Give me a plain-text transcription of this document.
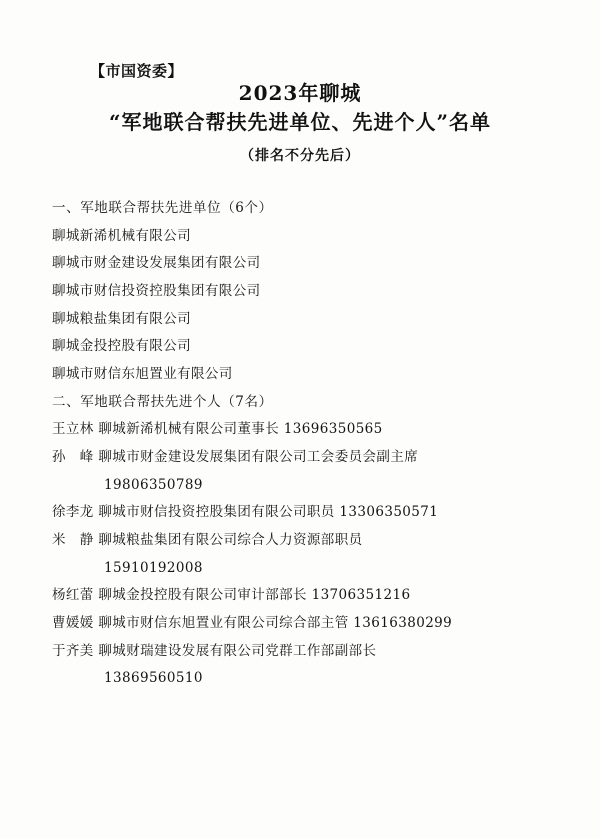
【市国资委】
2023年聊城
“军地联合帮扶先进单位、先进个人”名单
（排名不分先后）
一、军地联合帮扶先进单位（6个）
聊城新浠机械有限公司
聊城市财金建设发展集团有限公司
聊城市财信投资控股集团有限公司
聊城粮盐集团有限公司
聊城金投控股有限公司
聊城市财信东旭置业有限公司
二、军地联合帮扶先进个人（7名）
王立林 聊城新浠机械有限公司董事长 13696350565
孙　峰 聊城市财金建设发展集团有限公司工会委员会副主席
19806350789
徐李龙 聊城市财信投资控股集团有限公司职员 13306350571
米　静 聊城粮盐集团有限公司综合人力资源部职员
15910192008
杨红蕾 聊城金投控股有限公司审计部部长 13706351216
曹媛媛 聊城市财信东旭置业有限公司综合部主管 13616380299
于齐美 聊城财瑞建设发展有限公司党群工作部副部长
13869560510
